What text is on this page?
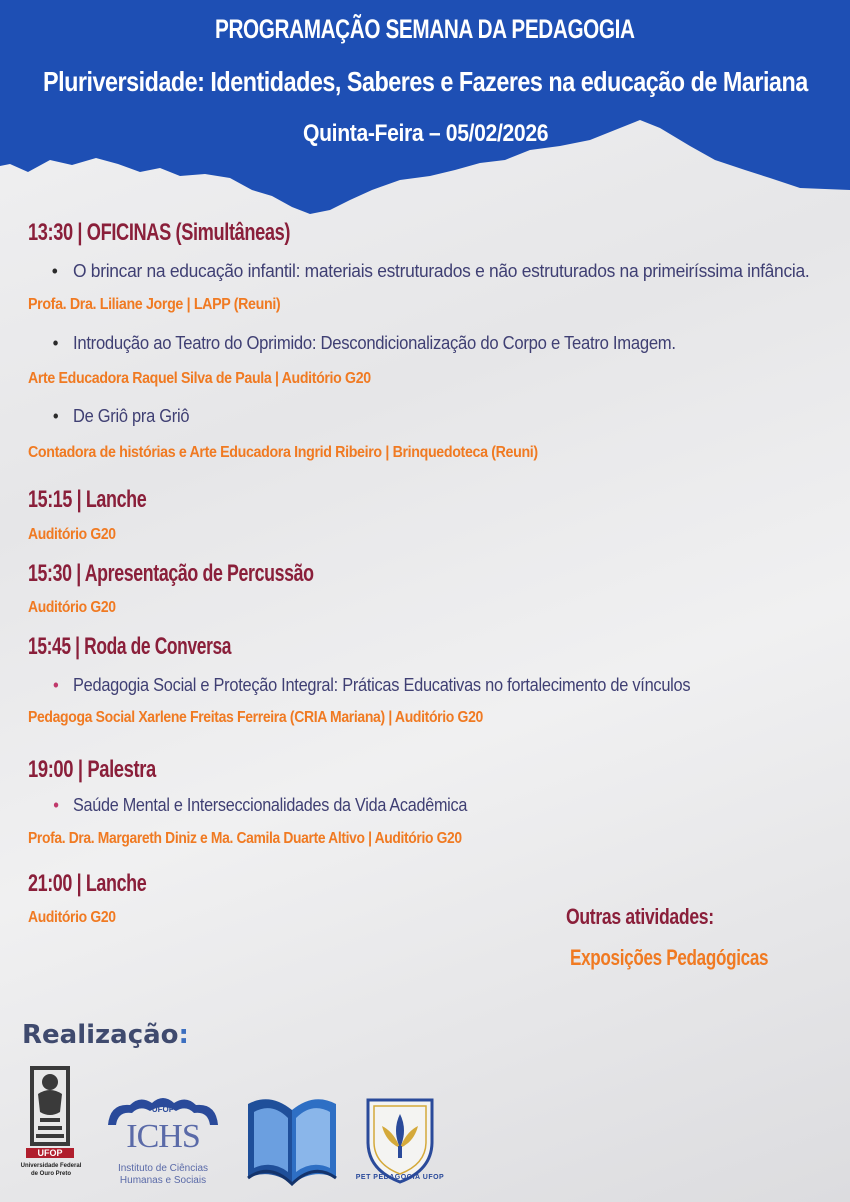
PROGRAMAÇÃO SEMANA DA PEDAGOGIA
Pluriversidade: Identidades, Saberes e Fazeres na educação de Mariana
Quinta-Feira – 05/02/2026
13:30 | OFICINAS (Simultâneas)
• O brincar na educação infantil: materiais estruturados e não estruturados na primeiríssima infância.
Profa. Dra. Liliane Jorge | LAPP (Reuni)
• Introdução ao Teatro do Oprimido: Descondicionalização do Corpo e Teatro Imagem.
Arte Educadora Raquel Silva de Paula | Auditório G20
• De Griô pra Griô
Contadora de histórias e Arte Educadora Ingrid Ribeiro | Brinquedoteca (Reuni)
15:15 | Lanche
Auditório G20
15:30 | Apresentação de Percussão
Auditório G20
15:45 | Roda de Conversa
• Pedagogia Social e Proteção Integral: Práticas Educativas no fortalecimento de vínculos
Pedagoga Social Xarlene Freitas Ferreira (CRIA Mariana) | Auditório G20
19:00 | Palestra
• Saúde Mental e Interseccionalidades da Vida Acadêmica
Profa. Dra. Margareth Diniz e Ma. Camila Duarte Altivo | Auditório G20
21:00 | Lanche
Auditório G20	Outras atividades:
Exposições Pedagógicas
Realização:
UFOP
Universidade Federal
de Ouro Preto
UFOP
ICHS
Instituto de Ciências
Humanas e Sociais	PET PEDAGOGIA UFOP
